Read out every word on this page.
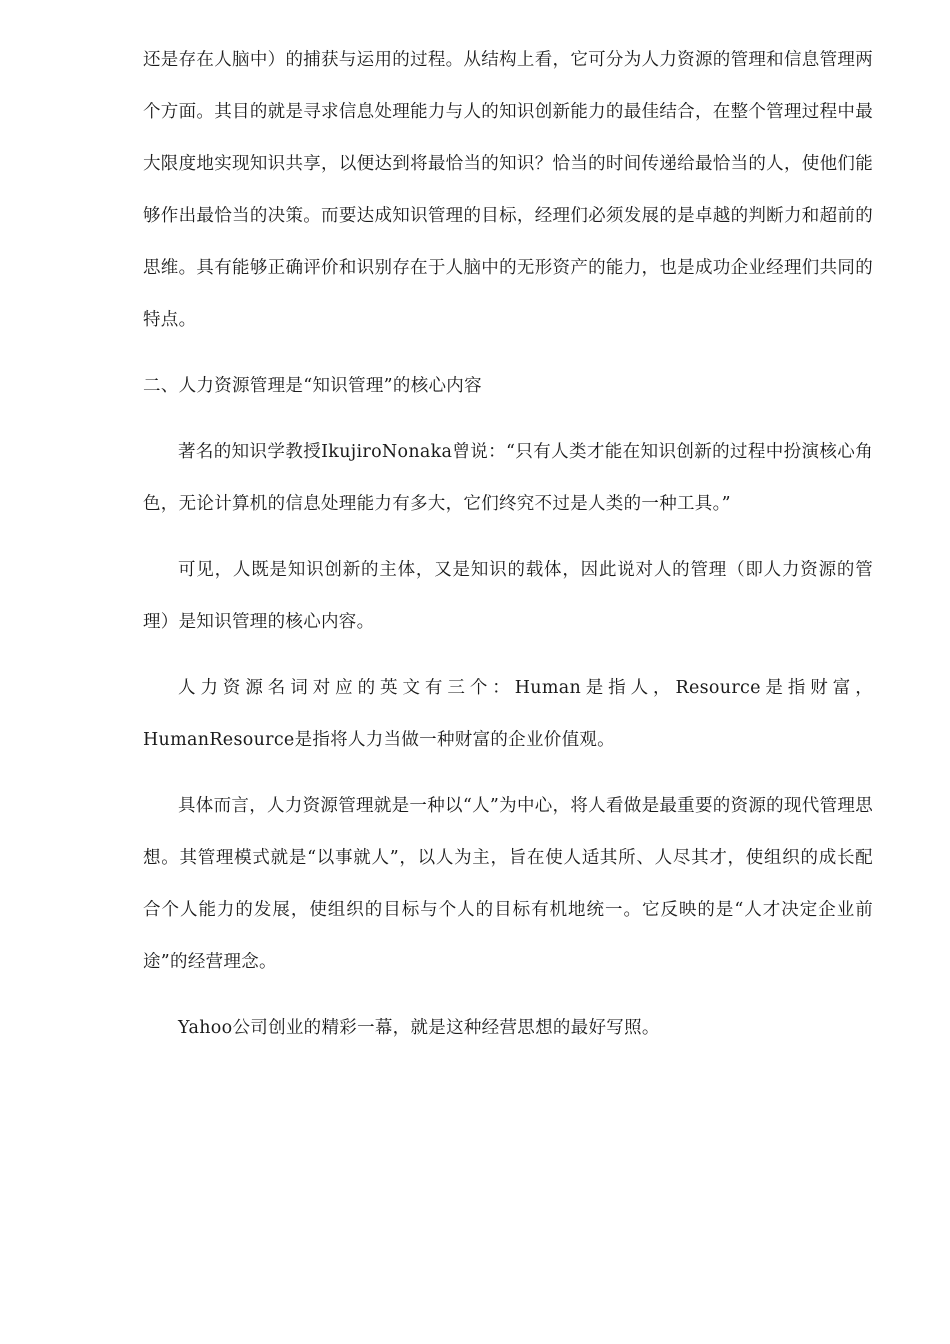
还是存在人脑中）的捕获与运用的过程。从结构上看，它可分为人力资源的管理和信息管理两个方面。其目的就是寻求信息处理能力与人的知识创新能力的最佳结合，在整个管理过程中最大限度地实现知识共享，以便达到将最恰当的知识？恰当的时间传递给最恰当的人，使他们能够作出最恰当的决策。而要达成知识管理的目标，经理们必须发展的是卓越的判断力和超前的思维。具有能够正确评价和识别存在于人脑中的无形资产的能力，也是成功企业经理们共同的特点。

二、人力资源管理是“知识管理”的核心内容

著名的知识学教授IkujiroNonaka曾说：“只有人类才能在知识创新的过程中扮演核心角色，无论计算机的信息处理能力有多大，它们终究不过是人类的一种工具。”

可见，人既是知识创新的主体，又是知识的载体，因此说对人的管理（即人力资源的管理）是知识管理的核心内容。

人力资源名词对应的英文有三个：Human是指人，Resource是指财富，HumanResource是指将人力当做一种财富的企业价值观。

具体而言，人力资源管理就是一种以“人”为中心，将人看做是最重要的资源的现代管理思想。其管理模式就是“以事就人”，以人为主，旨在使人适其所、人尽其才，使组织的成长配合个人能力的发展，使组织的目标与个人的目标有机地统一。它反映的是“人才决定企业前途”的经营理念。

Yahoo公司创业的精彩一幕，就是这种经营思想的最好写照。
